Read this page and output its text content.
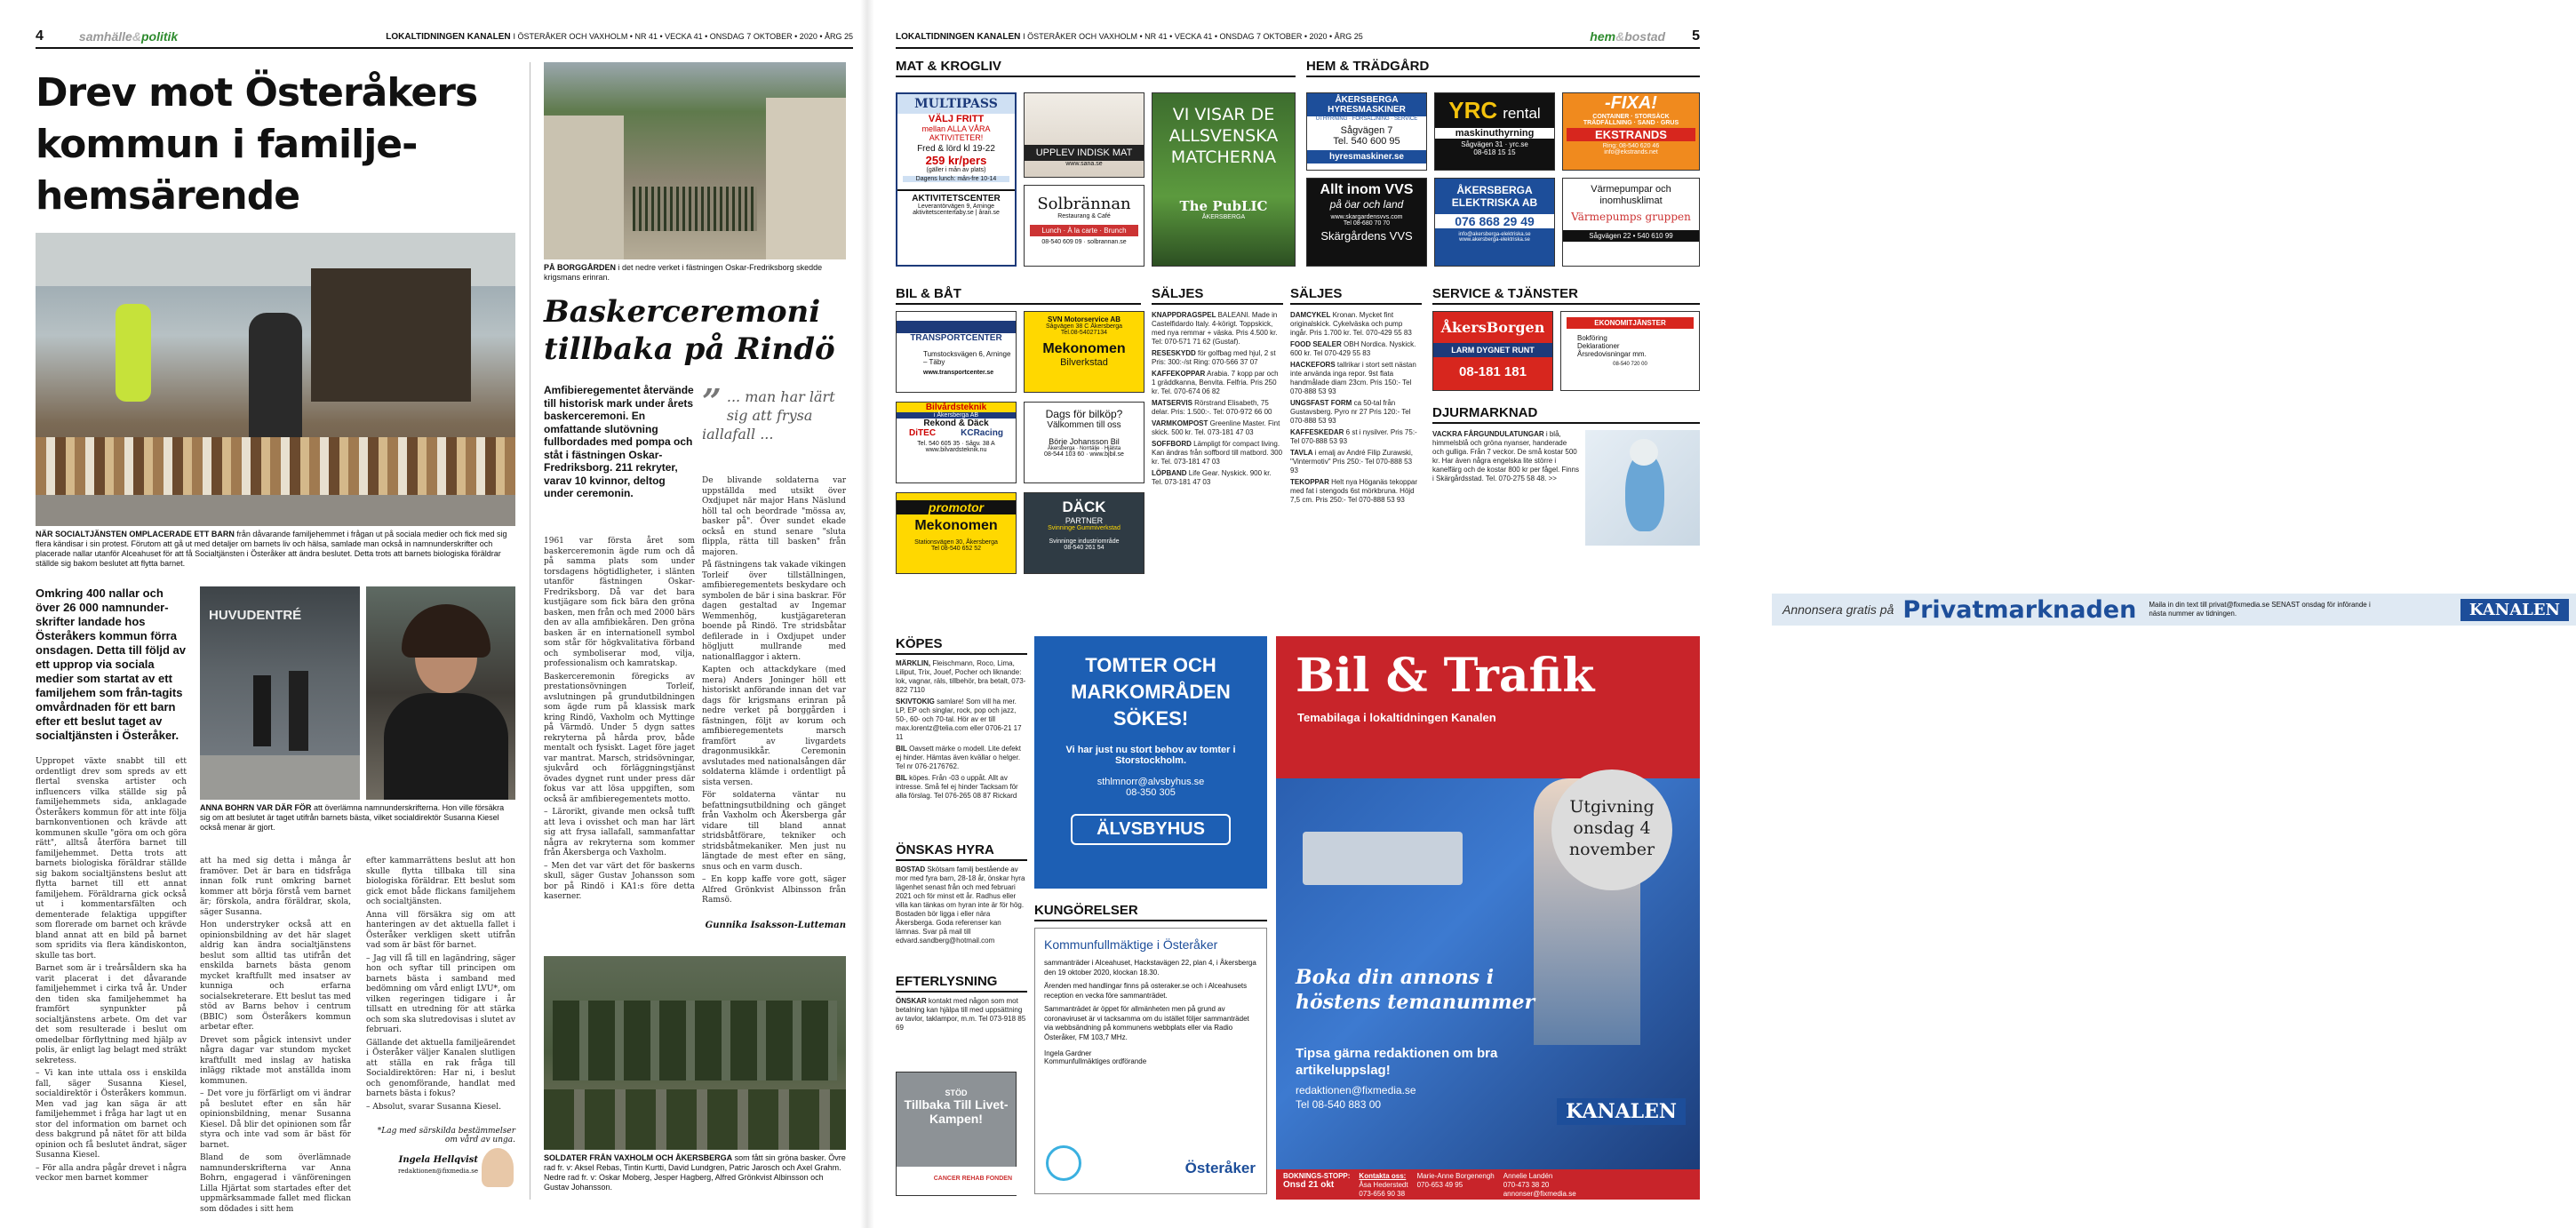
4	samhälle&politik	LOKALTIDNINGEN KANALEN I ÖSTERÅKER OCH VAXHOLM • NR 41 • VECKA 41 • ONSDAG 7 OKTOBER • 2020 • ÅRG 25
Drev mot Österåkers kommun i familje-hemsärende
NÄR SOCIALTJÄNSTEN OMPLACERADE ETT BARN från dåvarande familjehemmet i frågan ut på sociala medier och fick med sig flera kändisar i sin protest. Förutom att gå ut med detaljer om barnets liv och hälsa, samlade man också in namnunderskrifter och placerade nallar utanför Alceahuset för att få Socialtjänsten i Österåker att ändra beslutet. Detta trots att barnets biologiska föräldrar ställde sig bakom beslutet att flytta barnet.
Omkring 400 nallar och över 26 000 namnunder-skrifter landade hos Österåkers kommun förra onsdagen. Detta till följd av ett upprop via sociala medier som startat av ett familjehem som från-tagits omvårdnaden för ett barn efter ett beslut taget av socialtjänsten i Österåker.
HUVUDENTRÉ
ANNA BOHRN VAR DÄR FÖR att överlämna namnunderskrifterna. Hon ville försäkra sig om att beslutet är taget utifrån barnets bästa, vilket socialdirektör Susanna Kiesel också menar är gjort.

Uppropet växte snabbt till ett ordentligt drev som spreds av ett flertal svenska artister och influencers vilka ställde sig på familjehemmets sida, anklagade Österåkers kommun för att inte följa barnkonventionen och krävde att kommunen skulle "göra om och göra rätt", alltså återföra barnet till familjehemmet. Detta trots att barnets biologiska föräldrar ställde sig bakom socialtjänstens beslut att flytta barnet till ett annat familjehem. Föräldrarna gick också ut i kommentarsfälten och dementerade felaktiga uppgifter som florerade om barnet och krävde bland annat att en bild på barnet som spridits via flera kändiskonton, skulle tas bort.

Barnet som är i treårsåldern ska ha varit placerat i det dåvarande familjehemmet i cirka två år. Under den tiden ska familjehemmet ha framfört synpunkter på socialtjänstens arbete. Om det var det som resulterade i beslut om omedelbar förflyttning med hjälp av polis, är enligt lag belagt med sträkt sekretess.

– Vi kan inte uttala oss i enskilda fall, säger Susanna Kiesel, socialdirektör i Österåkers kommun. Men vad jag kan säga är att familjehemmet i fråga har lagt ut en stor del information om barnet och dess bakgrund på nätet för att bilda opinion och få beslutet ändrat, säger Susanna Kiesel.

– För alla andra pågår drevet i några veckor men barnet kommer

att ha med sig detta i många år framöver. Det är bara en tidsfråga innan folk runt omkring barnet kommer att börja förstå vem barnet är; förskola, andra föräldrar, skola, säger Susanna.

Hon understryker också att en opinionsbildning av det här slaget aldrig kan ändra socialtjänstens beslut som alltid tas utifrån det enskilda barnets bästa genom mycket kraftfullt med insatser av kunniga och erfarna socialsekreterare. Ett beslut tas med stöd av Barns behov i centrum (BBIC) som Österåkers kommun arbetar efter.

Drevet som pågick intensivt under några dagar var stundom mycket kraftfullt med inslag av hatiska inlägg riktade mot anställda inom kommunen.

– Det vore ju förfärligt om vi ändrar på beslutet efter en sån här opinionsbildning, menar Susanna Kiesel. Då blir det opinionen som får styra och inte vad som är bäst för barnet.

Bland de som överlämnade namnunderskrifterna var Anna Bohrn, engagerad i vänföreningen Lilla Hjärtat som startades efter det uppmärksammade fallet med flickan som dödades i sitt hem

efter kammarrättens beslut att hon skulle flytta tillbaka till sina biologiska föräldrar. Ett beslut som gick emot både flickans familjehem och socialtjänsten.

Anna vill försäkra sig om att hanteringen av det aktuella fallet i Österåker verkligen skett utifrån vad som är bäst för barnet.

– Jag vill få till en lagändring, säger hon och syftar till principen om barnets bästa i samband med bedömning om vård enligt LVU*, om vilken regeringen tidigare i år tillsatt en utredning för att stärka och som ska slutredovisas i slutet av februari.

Gällande det aktuella familjeärendet i Österåker väljer Kanalen slutligen att ställa en rak fråga till Socialdirektören: Har ni, i beslut och genomförande, handlat med barnets bästa i fokus?

– Absolut, svarar Susanna Kiesel.

*Lag med särskilda bestämmelser om vård av unga.
Ingela Hellqvist
redaktionen@fixmedia.se
PÅ BORGGÅRDEN i det nedre verket i fästningen Oskar-Fredriksborg skedde krigsmans erinran.
Baskerceremoni tillbaka på Rindö
Amfibieregementet återvände till historisk mark under årets baskerceremoni. En omfattande slutövning fullbordades med pompa och ståt i fästningen Oskar-Fredriksborg. 211 rekryter, varav 10 kvinnor, deltog under ceremonin.
” ... man har lärt sig att frysa iallafall ...

1961 var första året som baskerceremonin ägde rum och då på samma plats som under torsdagens högtidligheter, i slänten utanför fästningen Oskar-Fredriksborg. Då var det bara kustjägare som fick bära den gröna basken, men från och med 2000 bärs den av alla amfibiekåren. Den gröna basken är en internationell symbol som står för högkvalitativa förband och symboliserar mod, vilja, professionalism och kamratskap.

Baskerceremonin föregicks av prestationsövningen Torleif, avslutningen på grundutbildningen som ägde rum på klassisk mark kring Rindö, Vaxholm och Myttinge på Värmdö. Under 5 dygn sattes rekryterna på hårda prov, både mentalt och fysiskt. Laget före jaget var mantrat. Marsch, stridsövningar, sjukvård och förläggningstjänst övades dygnet runt under press där fokus var att lösa uppgiften, som också är amfibieregementets motto.

– Lärorikt, givande men också tufft att leva i ovisshet och man har lärt sig att frysa iallafall, sammanfattar några av rekryterna som kommer från Åkersberga och Vaxholm.

– Men det var värt det för baskerns skull, säger Gustav Johansson som bor på Rindö i KA1:s före detta kaserner.

De blivande soldaterna var uppställda med utsikt över Oxdjupet när major Hans Näslund höll tal och beordrade "mössa av, basker på". Över sundet ekade också en stund senare "sluta flippla, rätta till basken" från majoren.

På fästningens tak vakade vikingen Torleif över tillställningen, amfibieregementets beskydare och symbolen de bär i sina baskrar. För dagen gestaltad av Ingemar Wemmenhög, kustjägareteran boende på Rindö. Tre stridsbåtar defilerade in i Oxdjupet under högljutt mullrande med nationalflaggor i aktern.

Kapten och attackdykare (med mera) Anders Joninger höll ett historiskt anförande innan det var dags för krigsmans erinran på nedre verket på borggården i fästningen, följt av korum och amfibieregementets marsch framfört av livgardets dragonmusikkår. Ceremonin avslutades med nationalsången där soldaterna klämde i ordentligt på sista versen.

För soldaterna väntar nu befattningsutbildning och gänget från Vaxholm och Åkersberga går vidare till bland annat stridsbåtförare, tekniker och stridsbåtmekaniker. Men just nu längtade de mest efter en säng, snus och en varm dusch.

– En kopp kaffe vore gott, säger Alfred Grönkvist Albinsson från Ramsö.

Gunnika Isaksson-Lutteman
SOLDATER FRÅN VAXHOLM OCH ÅKERSBERGA som fått sin gröna basker. Övre rad fr. v: Aksel Rebas, Tintin Kurtti, David Lundgren, Patric Jarosch och Axel Grahm. Nedre rad fr. v: Oskar Moberg, Jesper Hagberg, Alfred Grönkvist Albinsson och Gustav Johansson.
LOKALTIDNINGEN KANALEN I ÖSTERÅKER OCH VAXHOLM • NR 41 • VECKA 41 • ONSDAG 7 OKTOBER • 2020 • ÅRG 25	hem&bostad 5
MAT & KROGLIV
MULTIPASS
VÄLJ FRITT
mellan ALLA VÅRA AKTIVITETER!
Fred & lörd kl 19-22
259 kr/pers
(gäller i mån av plats)
Dagens lunch: mån-fre 10-14
AKTIVITETSCENTER
Leverantörvägen 9, Arninge
aktivitetscentertaby.se | åran.se
UPPLEV INDISK MAT
www.sana.se
Solbrännan
Restaurang & Café
Lunch · À la carte · Brunch
08-540 609 09 · solbrannan.se
VI VISAR DE ALLSVENSKA MATCHERNA
The PubLIC
ÅKERSBERGA
HEM & TRÄDGÅRD
ÅKERSBERGA HYRESMASKINER
UTHYRNING · FÖRSÄLJNING · SERVICE
Sågvägen 7
Tel. 540 600 95
hyresmaskiner.se
YRC rental
maskinuthyrning
Sågvägen 31 · yrc.se
08-618 15 15
-FIXA!
CONTAINER · STORSÄCK
TRÄDFÄLLNING · SAND · GRUS
EKSTRANDS
Ring: 08-540 620 46
info@ekstrands.net
Allt inom VVS
på öar och land
www.skargardensvvs.com
Tel 08-680 70 70
Skärgårdens VVS
ÅKERSBERGA ELEKTRISKA AB
076 868 29 49
info@akersberga-elektriska.se
www.akersberga-elektriska.se
Värmepumpar och inomhusklimat
Värmepumps gruppen
Sågvägen 22 • 540 610 99
BIL & BÅT
TRANSPORTCENTER
Tumstocksvägen 6, Arninge – Täby
www.transportcenter.se
SVN Motorservice AB
Sågvägen 38 C Åkersberga
Tel.08-54027134
Mekonomen
Bilverkstad
Bilvårdsteknik
i Åkersberga AB
Rekond & Däck
DiTEC	KCRacing
Tel. 540 605 35 · Sågv. 38 A
www.bilvardsteknik.nu
Dags för bilköp?
Välkommen till oss
Börje Johansson Bil
Åkersberga · Norrtälje · Hjälsta
08-544 103 60 · www.bjbil.se
promotor
Mekonomen
Stationsvägen 30, Åkersberga
Tel 08-540 652 52
DÄCK
PARTNER
Svinninge Gummiverkstad
Svinninge industriområde
08-540 261 54
SÄLJES

KNAPPDRAGSPEL BALEANI. Made in Castelfidardo Italy. 4-körigt. Toppskick, med nya remmar + väska. Pris 4.500 kr. Tel: 070-571 71 62 (Gustaf).

RESESKYDD för golfbag med hjul, 2 st Pris: 300:-/st Ring: 070-566 37 07

KAFFEKOPPAR Arabia. 7 kopp par och 1 gräddkanna, Benvita. Felfria. Pris 250 kr. Tel. 070-674 06 82

MATSERVIS Rörstrand Elisabeth, 75 delar. Pris: 1.500:-. Tel: 070-972 66 00

VARMKOMPOST Greenline Master. Fint skick. 500 kr. Tel. 073-181 47 03

SOFFBORD Lämpligt för compact living. Kan ändras från soffbord till matbord. 300 kr. Tel. 073-181 47 03

LÖPBAND Life Gear. Nyskick. 900 kr. Tel. 073-181 47 03

SÄLJES

DAMCYKEL Kronan. Mycket fint originalskick. Cykelväska och pump ingår. Pris 1.700 kr. Tel. 070-429 55 83

FOOD SEALER OBH Nordica. Nyskick. 600 kr. Tel 070-429 55 83

HACKEFORS tallrikar i stort sett nästan inte använda inga repor. 9st flata handmålade diam 23cm. Pris 150:- Tel 070-888 53 93

UNGSFAST FORM ca 50-tal från Gustavsberg. Pyro nr 27 Pris 120:- Tel 070-888 53 93

KAFFESKEDAR 6 st i nysilver. Pris 75:- Tel 070-888 53 93

TAVLA i emalj av André Filip Zurawski, "Vintermotiv" Pris 250:- Tel 070-888 53 93

TEKOPPAR Helt nya Höganäs tekoppar med fat i stengods 6st mörkbruna. Höjd 7,5 cm. Pris 250:- Tel 070-888 53 93

SERVICE & TJÄNSTER
ÅkersBorgen
LARM DYGNET RUNT
08-181 181
EKONOMITJÄNSTER
Bokföring
Deklarationer
Årsredovisningar mm.
08-540 720 00
DJURMARKNAD

VACKRA FÅRGUNDULATUNGAR i blå, himmelsblå och gröna nyanser, handerade och gulliga. Från 7 veckor. De små kostar 500 kr. Har även några engelska lite större i kanelfärg och de kostar 800 kr per fågel. Finns i Skärgårdsstad. Tel. 070-275 58 48. >>

Annonsera gratis på Privatmarknaden Maila in din text till privat@fixmedia.se SENAST onsdag för införande i nästa nummer av tidningen.	KANALEN
KÖPES

MÄRKLIN, Fleischmann, Roco, Lima, Liliput, Trix, Jouef, Pocher och liknande: lok, vagnar, räls, tillbehör, bra betalt, 073-822 7110

SKIVTOKIG samlare! Som vill ha mer. LP, EP och singlar, rock, pop och jazz, 50-, 60- och 70-tal. Hör av er till max.lorentz@telia.com eller 0706-21 17 11

BIL Oavsett märke o modell. Lite defekt ej hinder. Hämtas även kvällar o helger. Tel nr 076-2176762.

BIL köpes. Från -03 o uppåt. Allt av intresse. Små fel ej hinder Tacksam för alla förslag. Tel 076-265 08 87 Rickard

ÖNSKAS HYRA

BOSTAD Skötsam familj bestående av mor med fyra barn, 28-18 år, önskar hyra lägenhet senast från och med februari 2021 och för minst ett år. Radhus eller villa kan tänkas om hyran inte är för hög. Bostaden bör ligga i eller nära Åkersberga. Goda referenser kan lämnas. Svar på mail till edvard.sandberg@hotmail.com

EFTERLYSNING

ÖNSKAR kontakt med någon som mot betalning kan hjälpa till med uppsättning av tavlor, taklampor, m.m. Tel 073-918 85 69

STÖD
Tillbaka Till Livet-Kampen!
CANCER REHAB FONDEN
TOMTER OCH MARKOMRÅDEN SÖKES!
Vi har just nu stort behov av tomter i Storstockholm.
sthlmnorr@alvsbyhus.se
08-350 305
ÄLVSBYHUS
KUNGÖRELSER
Kommunfullmäktige i Österåker
sammanträder i Alceahuset, Hackstavägen 22, plan 4, i Åkersberga den 19 oktober 2020, klockan 18.30.
Ärenden med handlingar finns på osteraker.se och i Alceahusets reception en vecka före sammanträdet.
Sammanträdet är öppet för allmänheten men på grund av coronaviruset är vi tacksamma om du istället följer sammanträdet via webbsändning på kommunens webbplats eller via Radio Österåker, FM 103,7 MHz.
Ingela Gardner
Kommunfullmäktiges ordförande
Österåker
Bil & Trafik
Temabilaga i lokaltidningen Kanalen
Utgivning onsdag 4 november
Boka din annons i höstens temanummer
Tipsa gärna redaktionen om bra artikeluppslag!
redaktionen@fixmedia.se
Tel 08-540 883 00	KANALEN
BOKNINGS-STOPP:
Onsd 21 okt
Kontakta oss:
Åsa Hederstedt
073-656 90 38
Marie-Anne Borgenengh
070-653 49 95
Annelie Landén
070-473 38 20
annonser@fixmedia.se
